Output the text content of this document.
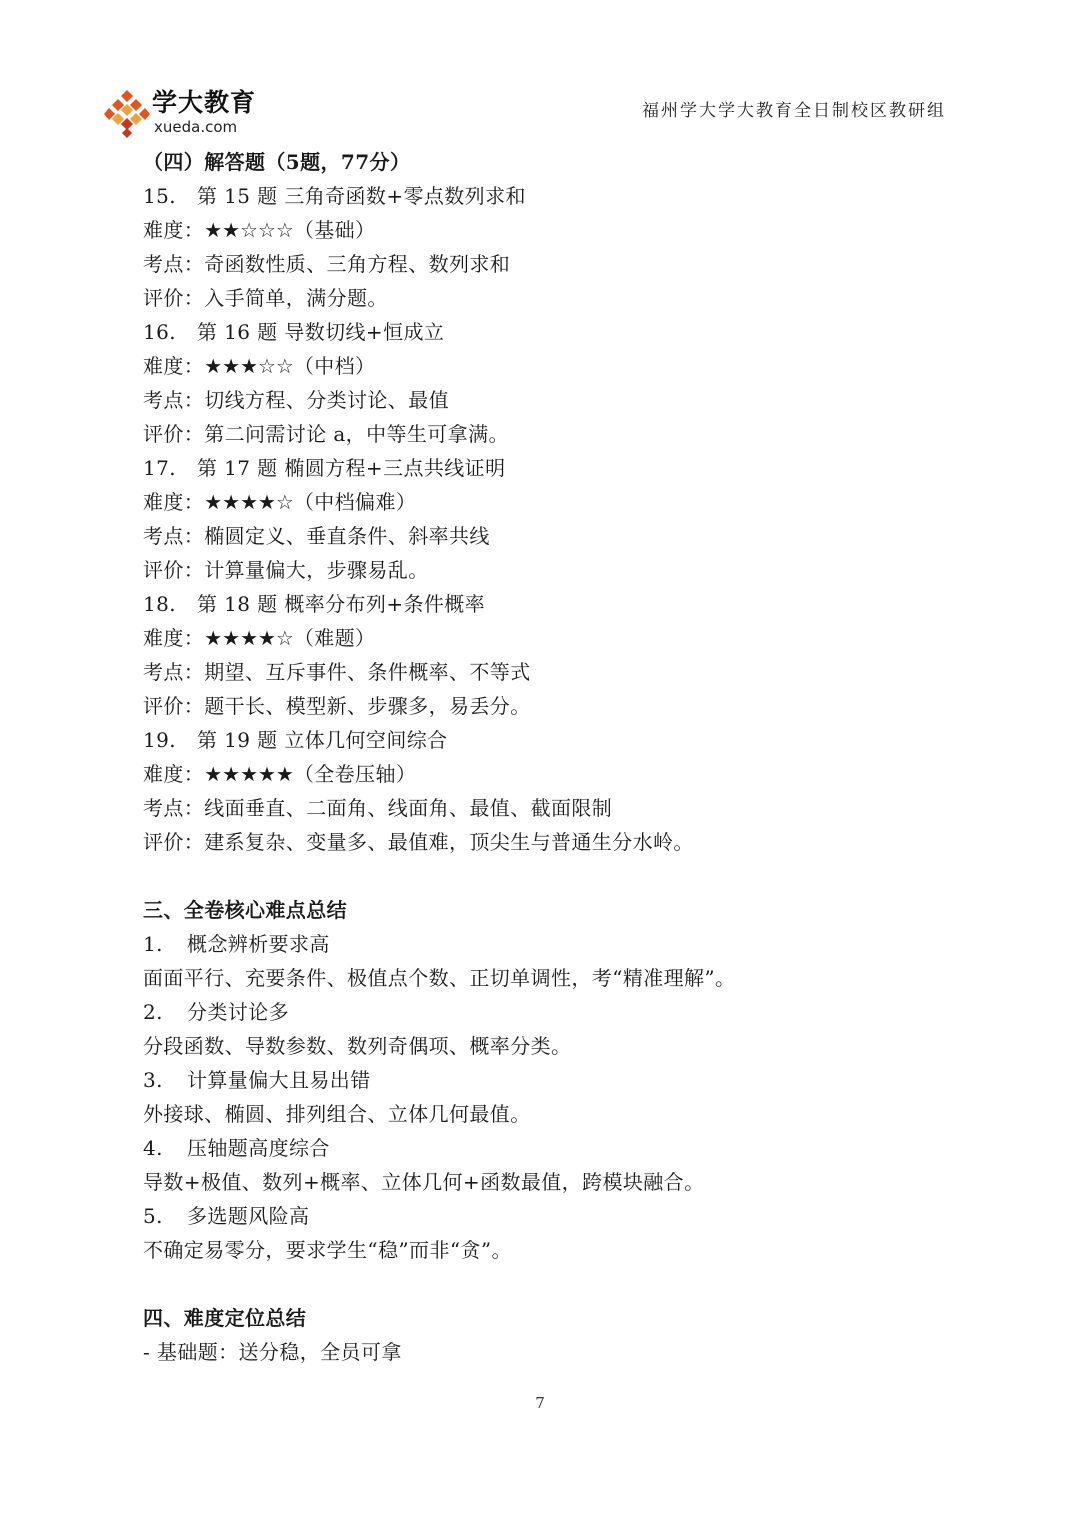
学大教育
xueda.com
福州学大学大教育全日制校区教研组
（四）解答题（5题，77分）
15. 第 15 题 三角奇函数+零点数列求和
难度：★★☆☆☆（基础）
考点：奇函数性质、三角方程、数列求和
评价：入手简单，满分题。
16. 第 16 题 导数切线+恒成立
难度：★★★☆☆（中档）
考点：切线方程、分类讨论、最值
评价：第二问需讨论 a，中等生可拿满。
17. 第 17 题 椭圆方程+三点共线证明
难度：★★★★☆（中档偏难）
考点：椭圆定义、垂直条件、斜率共线
评价：计算量偏大，步骤易乱。
18. 第 18 题 概率分布列+条件概率
难度：★★★★☆（难题）
考点：期望、互斥事件、条件概率、不等式
评价：题干长、模型新、步骤多，易丢分。
19. 第 19 题 立体几何空间综合
难度：★★★★★（全卷压轴）
考点：线面垂直、二面角、线面角、最值、截面限制
评价：建系复杂、变量多、最值难，顶尖生与普通生分水岭。
三、全卷核心难点总结
1. 概念辨析要求高
面面平行、充要条件、极值点个数、正切单调性，考“精准理解”。
2. 分类讨论多
分段函数、导数参数、数列奇偶项、概率分类。
3. 计算量偏大且易出错
外接球、椭圆、排列组合、立体几何最值。
4. 压轴题高度综合
导数+极值、数列+概率、立体几何+函数最值，跨模块融合。
5. 多选题风险高
不确定易零分，要求学生“稳”而非“贪”。
四、难度定位总结
- 基础题：送分稳，全员可拿
7
